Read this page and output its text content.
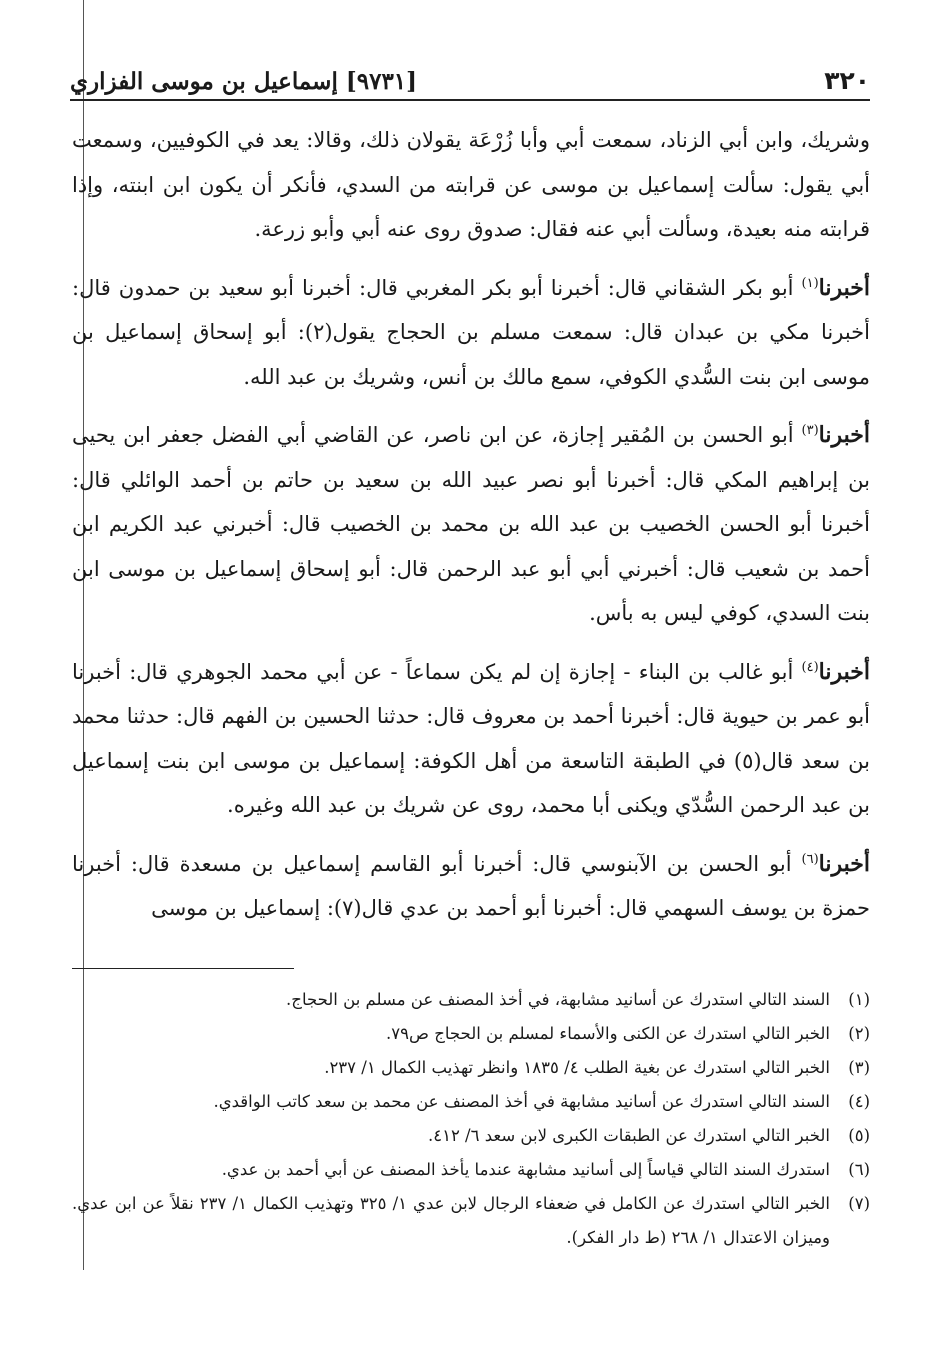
٣٢٠
[٩٧٣١] إسماعيل بن موسى الفزاري

وشريك، وابن أبي الزناد، سمعت أبي وأبا زُرْعَة يقولان ذلك، وقالا: يعد في الكوفيين، وسمعت أبي يقول: سألت إسماعيل بن موسى عن قرابته من السدي، فأنكر أن يكون ابن ابنته، وإذا قرابته منه بعيدة، وسألت أبي عنه فقال: صدوق روى عنه أبي وأبو زرعة.

أخبرنا$^{(١)}$ أبو بكر الشقاني قال: أخبرنا أبو بكر المغربي قال: أخبرنا أبو سعيد بن حمدون قال: أخبرنا مكي بن عبدان قال: سمعت مسلم بن الحجاج يقول(٢): أبو إسحاق إسماعيل بن موسى ابن بنت السُّدي الكوفي، سمع مالك بن أنس، وشريك بن عبد الله.

أخبرنا$^{(٣)}$ أبو الحسن بن المُقير إجازة، عن ابن ناصر، عن القاضي أبي الفضل جعفر ابن يحيى بن إبراهيم المكي قال: أخبرنا أبو نصر عبيد الله بن سعيد بن حاتم بن أحمد الوائلي قال: أخبرنا أبو الحسن الخصيب بن عبد الله بن محمد بن الخصيب قال: أخبرني عبد الكريم ابن أحمد بن شعيب قال: أخبرني أبي أبو عبد الرحمن قال: أبو إسحاق إسماعيل بن موسى ابن بنت السدي، كوفي ليس به بأس.

أخبرنا$^{(٤)}$ أبو غالب بن البناء - إجازة إن لم يكن سماعاً - عن أبي محمد الجوهري قال: أخبرنا أبو عمر بن حيوية قال: أخبرنا أحمد بن معروف قال: حدثنا الحسين بن الفهم قال: حدثنا محمد بن سعد قال(٥) في الطبقة التاسعة من أهل الكوفة: إسماعيل بن موسى ابن بنت إسماعيل بن عبد الرحمن السُّدّي ويكنى أبا محمد، روى عن شريك بن عبد الله وغيره.

أخبرنا$^{(٦)}$ أبو الحسن بن الآبنوسي قال: أخبرنا أبو القاسم إسماعيل بن مسعدة قال: أخبرنا حمزة بن يوسف السهمي قال: أخبرنا أبو أحمد بن عدي قال(٧): إسماعيل بن موسى

(١)
السند التالي استدرك عن أسانيد مشابهة، في أخذ المصنف عن مسلم بن الحجاج.
(٢)
الخبر التالي استدرك عن الكنى والأسماء لمسلم بن الحجاج ص٧٩.
(٣)
الخبر التالي استدرك عن بغية الطلب ٤/ ١٨٣٥ وانظر تهذيب الكمال ١/ ٢٣٧.
(٤)
السند التالي استدرك عن أسانيد مشابهة في أخذ المصنف عن محمد بن سعد كاتب الواقدي.
(٥)
الخبر التالي استدرك عن الطبقات الكبرى لابن سعد ٦/ ٤١٢.
(٦)
استدرك السند التالي قياساً إلى أسانيد مشابهة عندما يأخذ المصنف عن أبي أحمد بن عدي.
(٧)
الخبر التالي استدرك عن الكامل في ضعفاء الرجال لابن عدي ١/ ٣٢٥ وتهذيب الكمال ١/ ٢٣٧ نقلاً عن ابن عدي. وميزان الاعتدال ١/ ٢٦٨ (ط دار الفكر).
